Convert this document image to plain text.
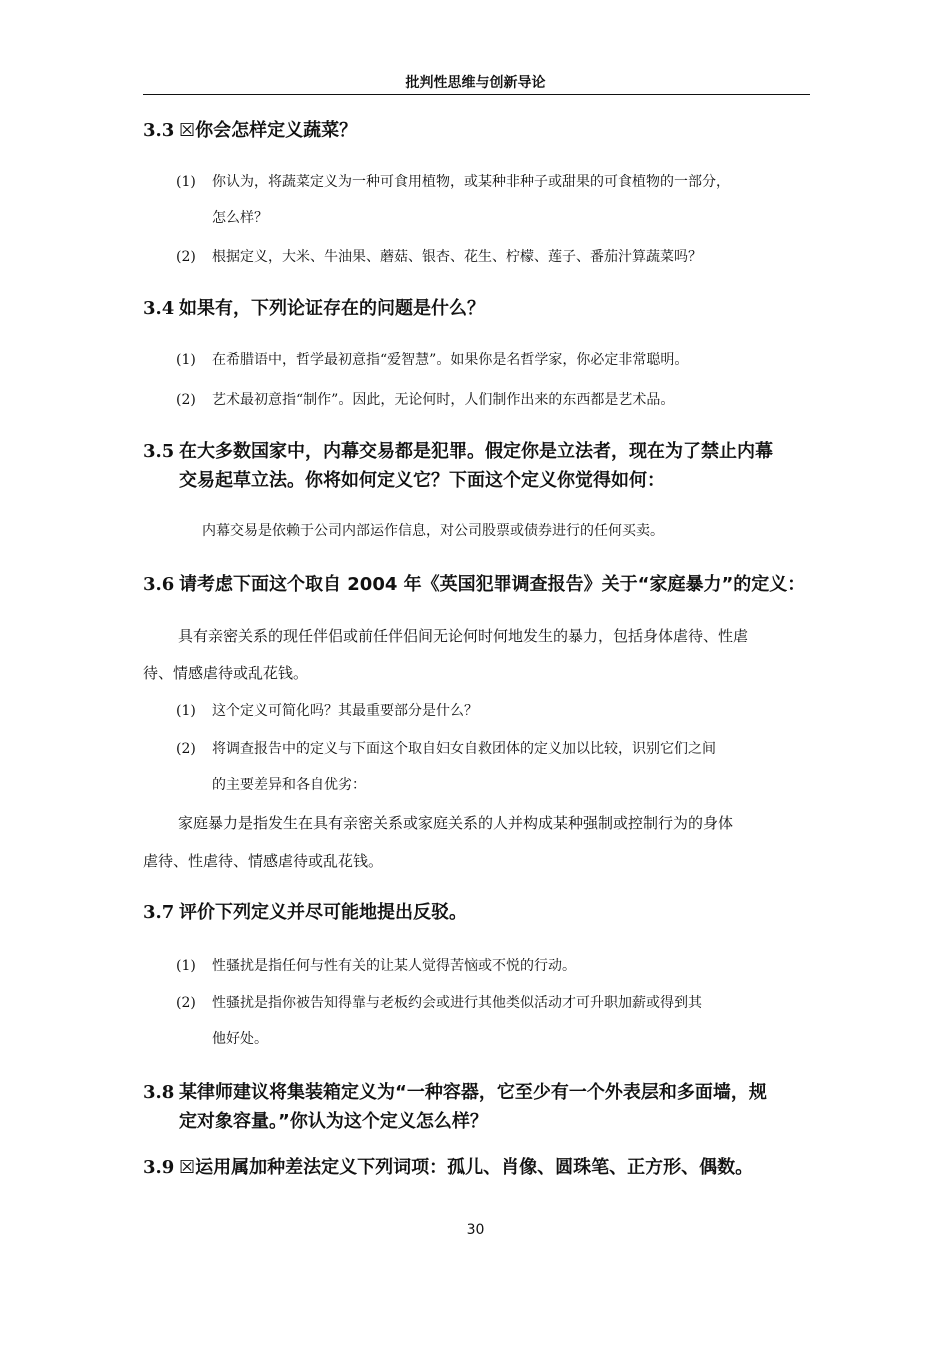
批判性思维与创新导论
3.3 ☒你会怎样定义蔬菜？
(1)	你认为，将蔬菜定义为一种可食用植物，或某种非种子或甜果的可食植物的一部分，
怎么样？
(2)	根据定义，大米、牛油果、蘑菇、银杏、花生、柠檬、莲子、番茄汁算蔬菜吗？
3.4 如果有，下列论证存在的问题是什么？
(1)	在希腊语中，哲学最初意指“爱智慧”。如果你是名哲学家，你必定非常聪明。
(2)	艺术最初意指“制作”。因此，无论何时，人们制作出来的东西都是艺术品。
3.5 在大多数国家中，内幕交易都是犯罪。假定你是立法者，现在为了禁止内幕
交易起草立法。你将如何定义它？下面这个定义你觉得如何：
内幕交易是依赖于公司内部运作信息，对公司股票或债券进行的任何买卖。
3.6 请考虑下面这个取自 2004 年《英国犯罪调查报告》关于“家庭暴力”的定义：
具有亲密关系的现任伴侣或前任伴侣间无论何时何地发生的暴力，包括身体虐待、性虐
待、情感虐待或乱花钱。
(1)	这个定义可简化吗？其最重要部分是什么？
(2)	将调查报告中的定义与下面这个取自妇女自救团体的定义加以比较，识别它们之间
的主要差异和各自优劣：
家庭暴力是指发生在具有亲密关系或家庭关系的人并构成某种强制或控制行为的身体
虐待、性虐待、情感虐待或乱花钱。
3.7 评价下列定义并尽可能地提出反驳。
(1)	性骚扰是指任何与性有关的让某人觉得苦恼或不悦的行动。
(2)	性骚扰是指你被告知得靠与老板约会或进行其他类似活动才可升职加薪或得到其
他好处。
3.8 某律师建议将集装箱定义为“一种容器，它至少有一个外表层和多面墙，规
定对象容量。”你认为这个定义怎么样？
3.9 ☒运用属加种差法定义下列词项：孤儿、肖像、圆珠笔、正方形、偶数。
30
